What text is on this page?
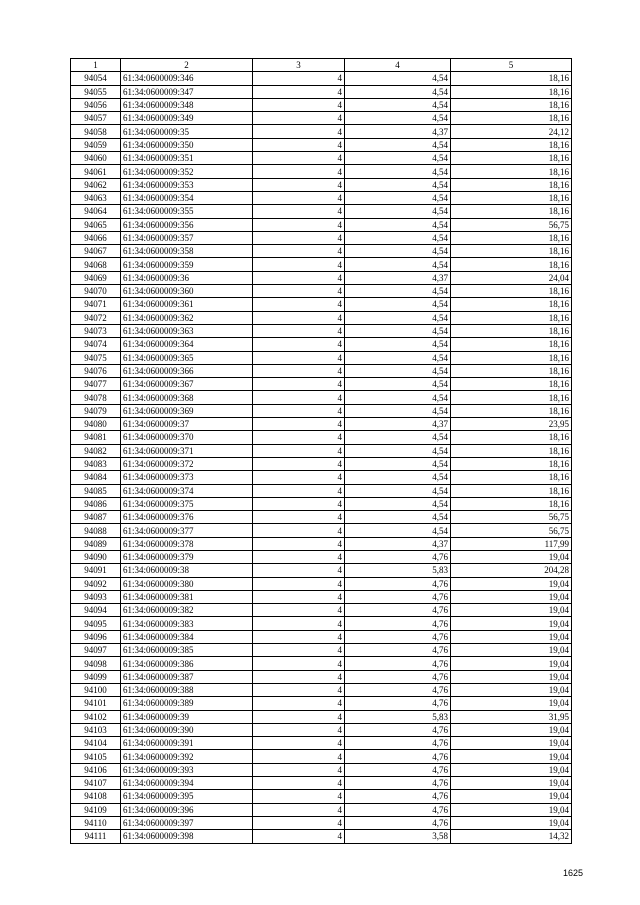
1	2	3	4	5
94054	61:34:0600009:346	4	4,54	18,16
94055	61:34:0600009:347	4	4,54	18,16
94056	61:34:0600009:348	4	4,54	18,16
94057	61:34:0600009:349	4	4,54	18,16
94058	61:34:0600009:35	4	4,37	24,12
94059	61:34:0600009:350	4	4,54	18,16
94060	61:34:0600009:351	4	4,54	18,16
94061	61:34:0600009:352	4	4,54	18,16
94062	61:34:0600009:353	4	4,54	18,16
94063	61:34:0600009:354	4	4,54	18,16
94064	61:34:0600009:355	4	4,54	18,16
94065	61:34:0600009:356	4	4,54	56,75
94066	61:34:0600009:357	4	4,54	18,16
94067	61:34:0600009:358	4	4,54	18,16
94068	61:34:0600009:359	4	4,54	18,16
94069	61:34:0600009:36	4	4,37	24,04
94070	61:34:0600009:360	4	4,54	18,16
94071	61:34:0600009:361	4	4,54	18,16
94072	61:34:0600009:362	4	4,54	18,16
94073	61:34:0600009:363	4	4,54	18,16
94074	61:34:0600009:364	4	4,54	18,16
94075	61:34:0600009:365	4	4,54	18,16
94076	61:34:0600009:366	4	4,54	18,16
94077	61:34:0600009:367	4	4,54	18,16
94078	61:34:0600009:368	4	4,54	18,16
94079	61:34:0600009:369	4	4,54	18,16
94080	61:34:0600009:37	4	4,37	23,95
94081	61:34:0600009:370	4	4,54	18,16
94082	61:34:0600009:371	4	4,54	18,16
94083	61:34:0600009:372	4	4,54	18,16
94084	61:34:0600009:373	4	4,54	18,16
94085	61:34:0600009:374	4	4,54	18,16
94086	61:34:0600009:375	4	4,54	18,16
94087	61:34:0600009:376	4	4,54	56,75
94088	61:34:0600009:377	4	4,54	56,75
94089	61:34:0600009:378	4	4,37	117,99
94090	61:34:0600009:379	4	4,76	19,04
94091	61:34:0600009:38	4	5,83	204,28
94092	61:34:0600009:380	4	4,76	19,04
94093	61:34:0600009:381	4	4,76	19,04
94094	61:34:0600009:382	4	4,76	19,04
94095	61:34:0600009:383	4	4,76	19,04
94096	61:34:0600009:384	4	4,76	19,04
94097	61:34:0600009:385	4	4,76	19,04
94098	61:34:0600009:386	4	4,76	19,04
94099	61:34:0600009:387	4	4,76	19,04
94100	61:34:0600009:388	4	4,76	19,04
94101	61:34:0600009:389	4	4,76	19,04
94102	61:34:0600009:39	4	5,83	31,95
94103	61:34:0600009:390	4	4,76	19,04
94104	61:34:0600009:391	4	4,76	19,04
94105	61:34:0600009:392	4	4,76	19,04
94106	61:34:0600009:393	4	4,76	19,04
94107	61:34:0600009:394	4	4,76	19,04
94108	61:34:0600009:395	4	4,76	19,04
94109	61:34:0600009:396	4	4,76	19,04
94110	61:34:0600009:397	4	4,76	19,04
94111	61:34:0600009:398	4	3,58	14,32
1625
